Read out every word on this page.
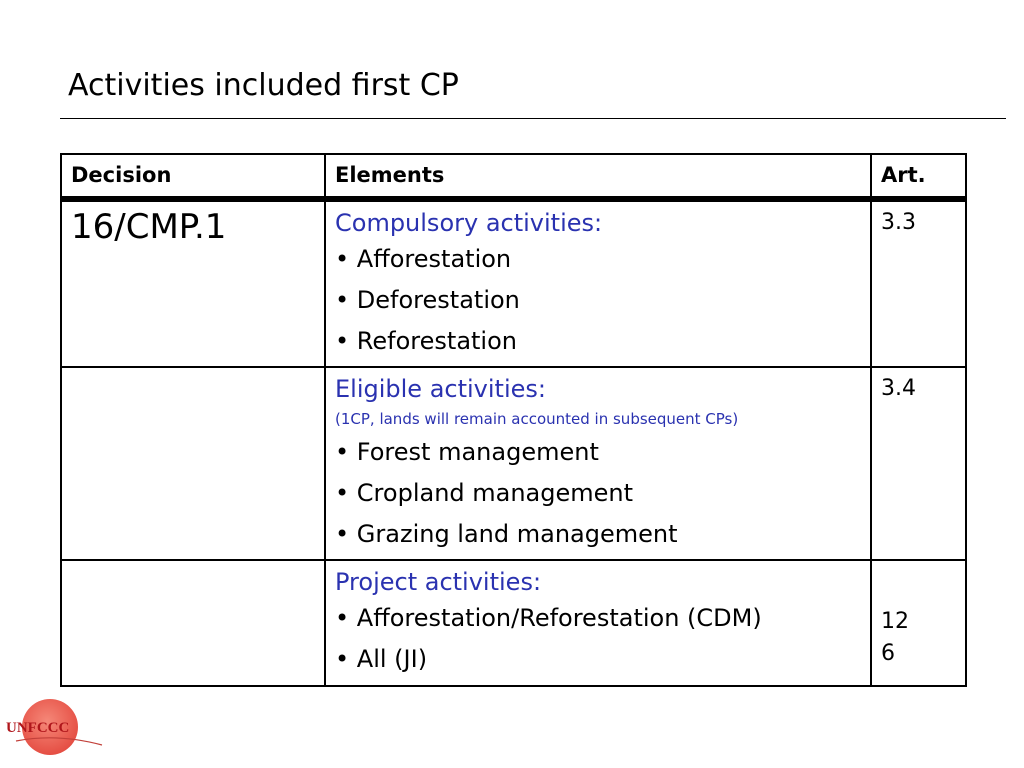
Activities included first CP
Decision	Elements	Art.

16/CMP.1	Compulsory activities:
• Afforestation
• Deforestation
• Reforestation	3.3

	Eligible activities:
(1CP, lands will remain accounted in subsequent CPs)
• Forest management
• Cropland management
• Grazing land management	3.4

	Project activities:
• Afforestation/Reforestation (CDM)
• All (JI)	12
6
UNFCCC
